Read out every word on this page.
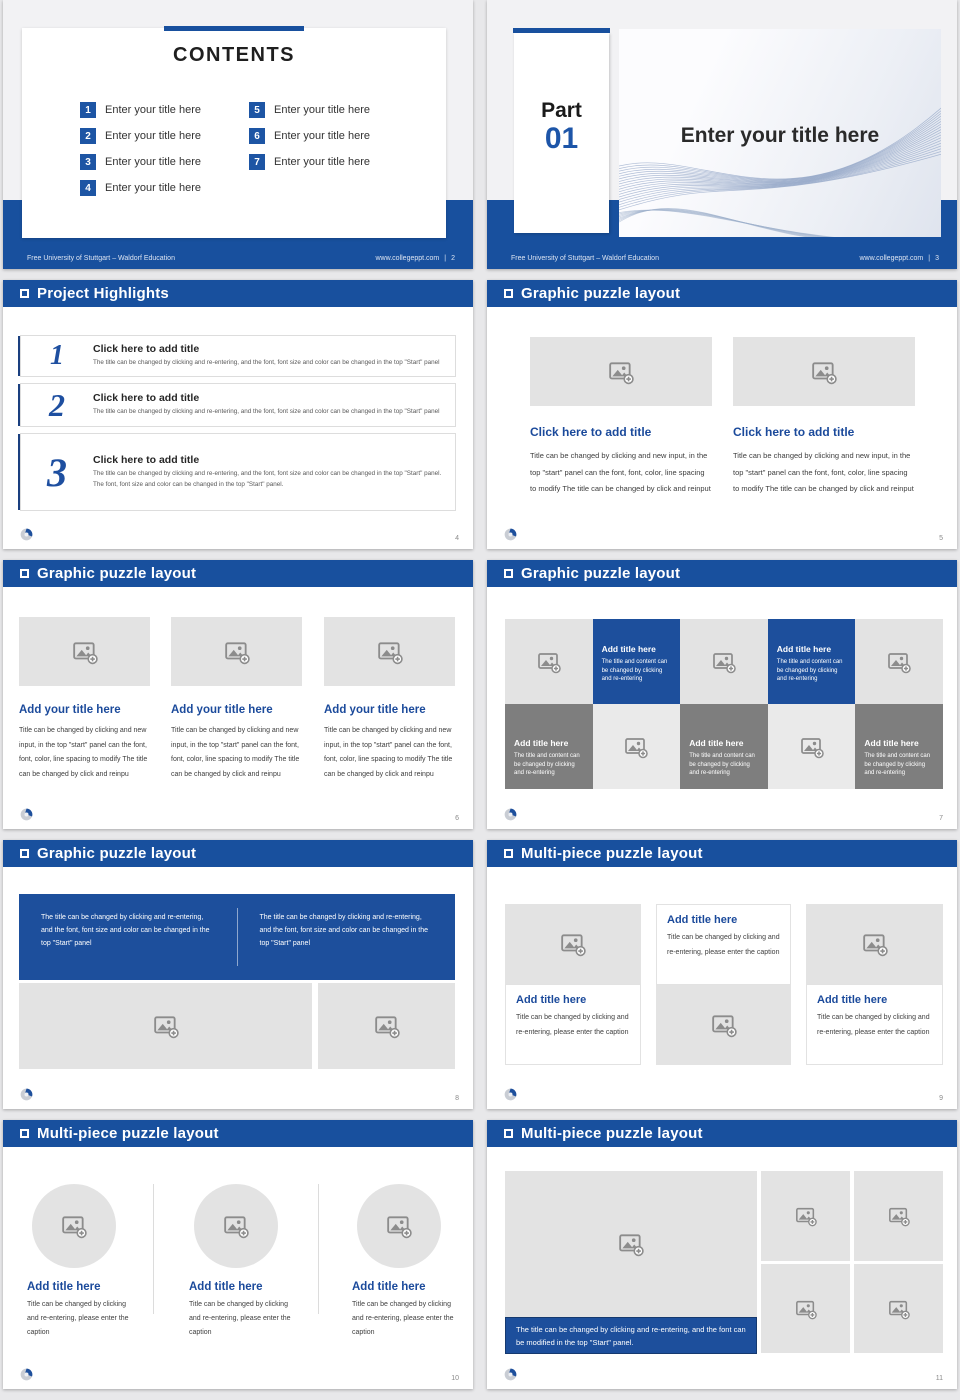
CONTENTS
1	Enter your title here
2	Enter your title here
3	Enter your title here
4	Enter your title here
5	Enter your title here
6	Enter your title here
7	Enter your title here
Free University of Stuttgart – Waldorf Education	www.collegeppt.com | 2
Enter your title here
Part
01
Free University of Stuttgart – Waldorf Education	www.collegeppt.com | 3
Project Highlights
1	Click here to add title
The title can be changed by clicking and re-entering, and the font, font size and color can be changed in the top "Start" panel
2	Click here to add title
The title can be changed by clicking and re-entering, and the font, font size and color can be changed in the top "Start" panel
3	Click here to add title
The title can be changed by clicking and re-entering, and the font, font size and color can be changed in the top "Start" panel. The font, font size and color can be changed in the top "Start" panel.
4
Graphic puzzle layout
Click here to add title
Title can be changed by clicking and new input, in the top "start" panel can the font, font, color, line spacing to modify The title can be changed by click and reinput
Click here to add title
Title can be changed by clicking and new input, in the top "start" panel can the font, font, color, line spacing to modify The title can be changed by click and reinput
5
Graphic puzzle layout
Add your title here
Title can be changed by clicking and new input, in the top "start" panel can the font, font, color, line spacing to modify The title can be changed by click and reinpu
Add your title here
Title can be changed by clicking and new input, in the top "start" panel can the font, font, color, line spacing to modify The title can be changed by click and reinpu
Add your title here
Title can be changed by clicking and new input, in the top "start" panel can the font, font, color, line spacing to modify The title can be changed by click and reinpu
6
Graphic puzzle layout
Add title here
The title and content can be changed by clicking and re-entering
Add title here
The title and content can be changed by clicking and re-entering
Add title here
The title and content can be changed by clicking and re-entering
Add title here
The title and content can be changed by clicking and re-entering
Add title here
The title and content can be changed by clicking and re-entering
7
Graphic puzzle layout
The title can be changed by clicking and re-entering, and the font, font size and color can be changed in the top "Start" panel
The title can be changed by clicking and re-entering, and the font, font size and color can be changed in the top "Start" panel
8
Multi-piece puzzle layout
Add title here
Title can be changed by clicking and re-entering, please enter the caption
Add title here
Title can be changed by clicking and re-entering, please enter the caption
Add title here
Title can be changed by clicking and re-entering, please enter the caption
9
Multi-piece puzzle layout
Add title here
Title can be changed by clicking and re-entering, please enter the caption
Add title here
Title can be changed by clicking and re-entering, please enter the caption
Add title here
Title can be changed by clicking and re-entering, please enter the caption
10
Multi-piece puzzle layout
The title can be changed by clicking and re-entering, and the font can be modified in the top "Start" panel.
11
